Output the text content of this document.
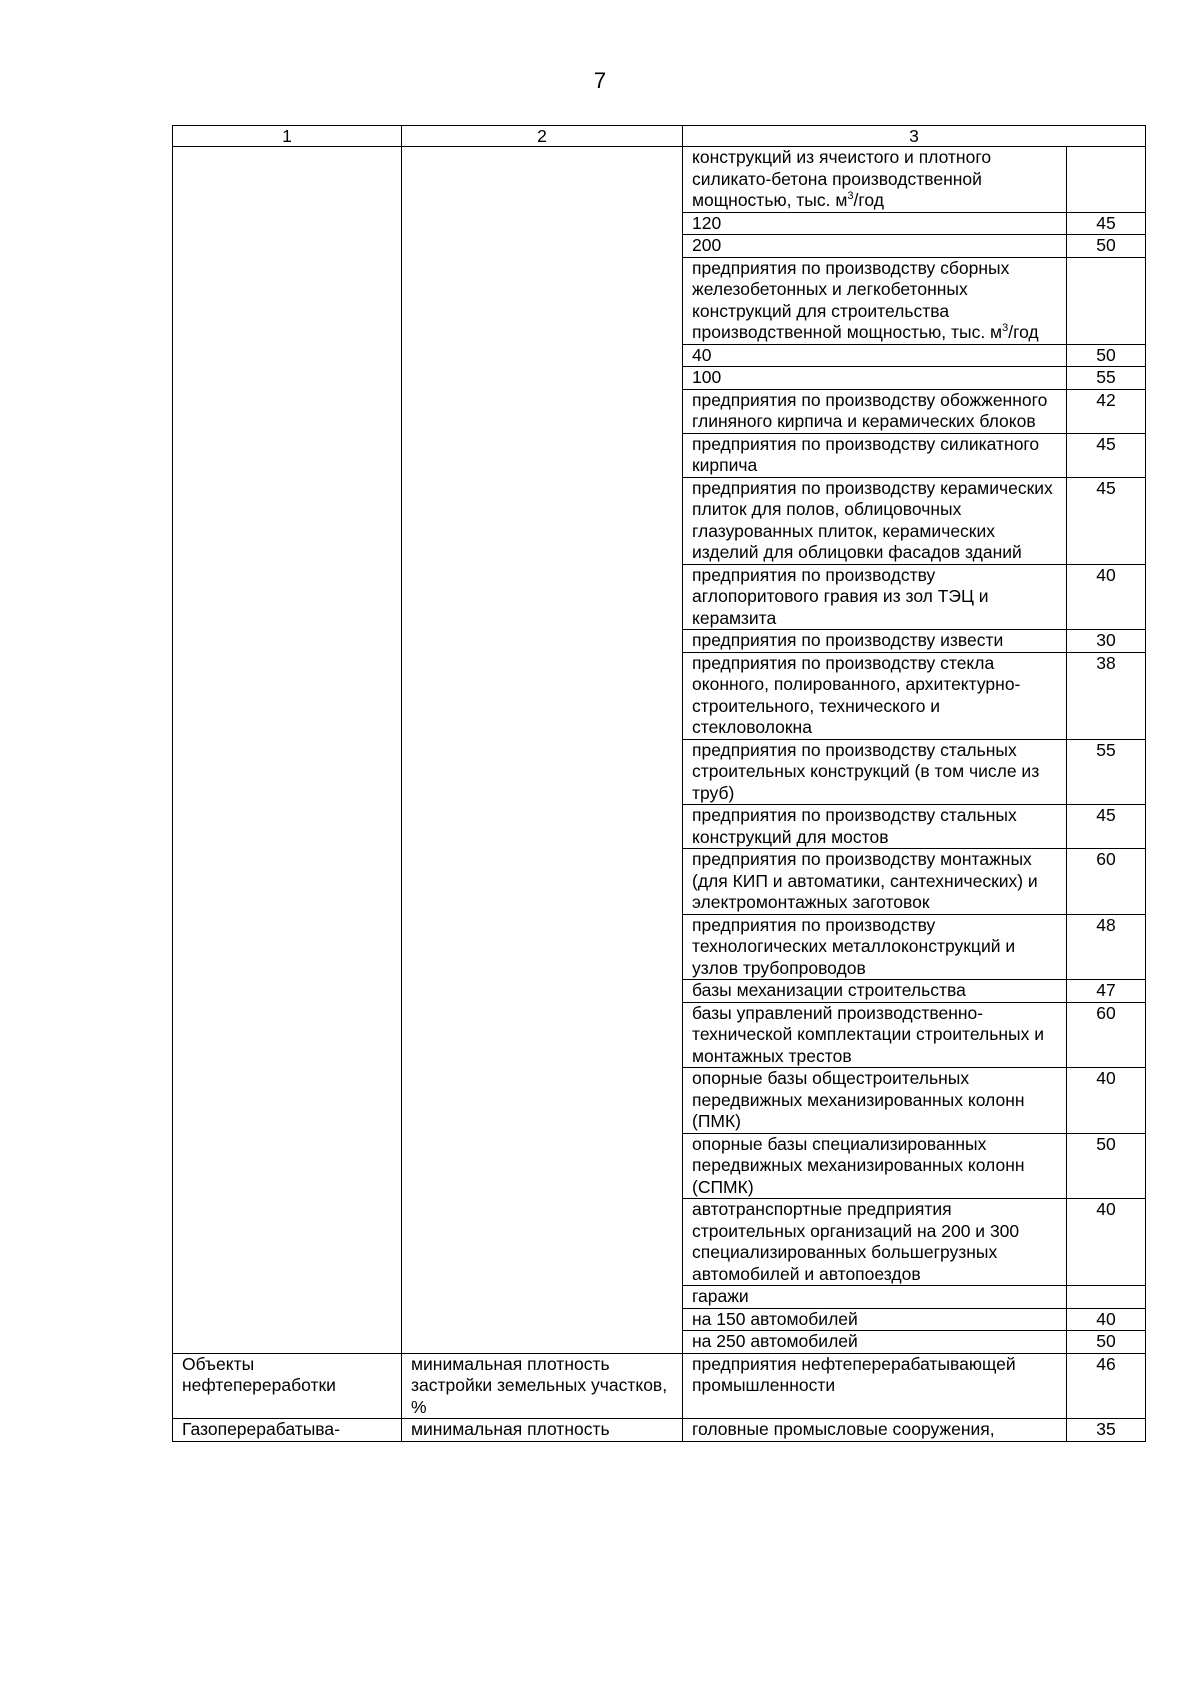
7
1	2	3	
		конструкций из ячеистого и плотного силикато-бетона производственной мощностью, тыс. $м^3$/год	
		120	45
		200	50
		предприятия по производству сборных железобетонных и легкобетонных конструкций для строительства производственной мощностью, тыс. $м^3$/год	
		40	50
		100	55
		предприятия по производству обожженного глиняного кирпича и керамических блоков	42
		предприятия по производству силикатного кирпича	45
		предприятия по производству керамических плиток для полов, облицовочных глазурованных плиток, керамических изделий для облицовки фасадов зданий	45
		предприятия по производству аглопоритового гравия из зол ТЭЦ и керамзита	40
		предприятия по производству извести	30
		предприятия по производству стекла оконного, полированного, архитектурно-строительного, технического и стекловолокна	38
		предприятия по производству стальных строительных конструкций (в том числе из труб)	55
		предприятия по производству стальных конструкций для мостов	45
		предприятия по производству монтажных (для КИП и автоматики, сантехнических) и электромонтажных заготовок	60
		предприятия по производству технологических металлоконструкций и узлов трубопроводов	48
		базы механизации строительства	47
		базы управлений производственно-технической комплектации строительных и монтажных трестов	60
		опорные базы общестроительных передвижных механизированных колонн (ПМК)	40
		опорные базы специализированных передвижных механизированных колонн (СПМК)	50
		автотранспортные предприятия строительных организаций на 200 и 300 специализированных большегрузных автомобилей и автопоездов	40
		гаражи	
		на 150 автомобилей	40
		на 250 автомобилей	50
Объекты нефтепереработки	минимальная плотность застройки земельных участков, %	предприятия нефтеперерабатывающей промышленности	46
Газоперерабатыва-	минимальная плотность	головные промысловые сооружения,	35
